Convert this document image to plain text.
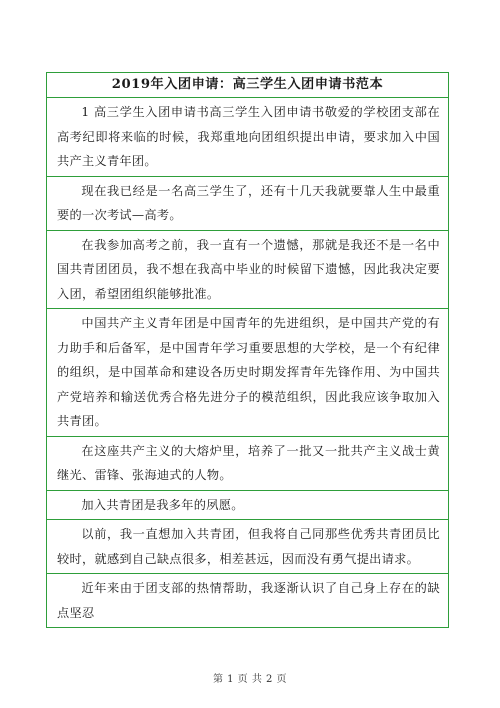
2019年入团申请：高三学生入团申请书范本
1 高三学生入团申请书高三学生入团申请书敬爱的学校团支部在高考纪即将来临的时候，我郑重地向团组织提出申请，要求加入中国共产主义青年团。
现在我已经是一名高三学生了，还有十几天我就要靠人生中最重要的一次考试—高考。
在我参加高考之前，我一直有一个遗憾，那就是我还不是一名中国共青团团员，我不想在我高中毕业的时候留下遗憾，因此我决定要入团，希望团组织能够批准。
中国共产主义青年团是中国青年的先进组织，是中国共产党的有力助手和后备军，是中国青年学习重要思想的大学校，是一个有纪律的组织，是中国革命和建设各历史时期发挥青年先锋作用、为中国共产党培养和输送优秀合格先进分子的模范组织，因此我应该争取加入共青团。
在这座共产主义的大熔炉里，培养了一批又一批共产主义战士黄继光、雷锋、张海迪式的人物。
加入共青团是我多年的夙愿。
以前，我一直想加入共青团，但我将自己同那些优秀共青团员比较时，就感到自己缺点很多，相差甚远，因而没有勇气提出请求。
近年来由于团支部的热情帮助，我逐渐认识了自己身上存在的缺点坚忍
第 1 页 共 2 页
